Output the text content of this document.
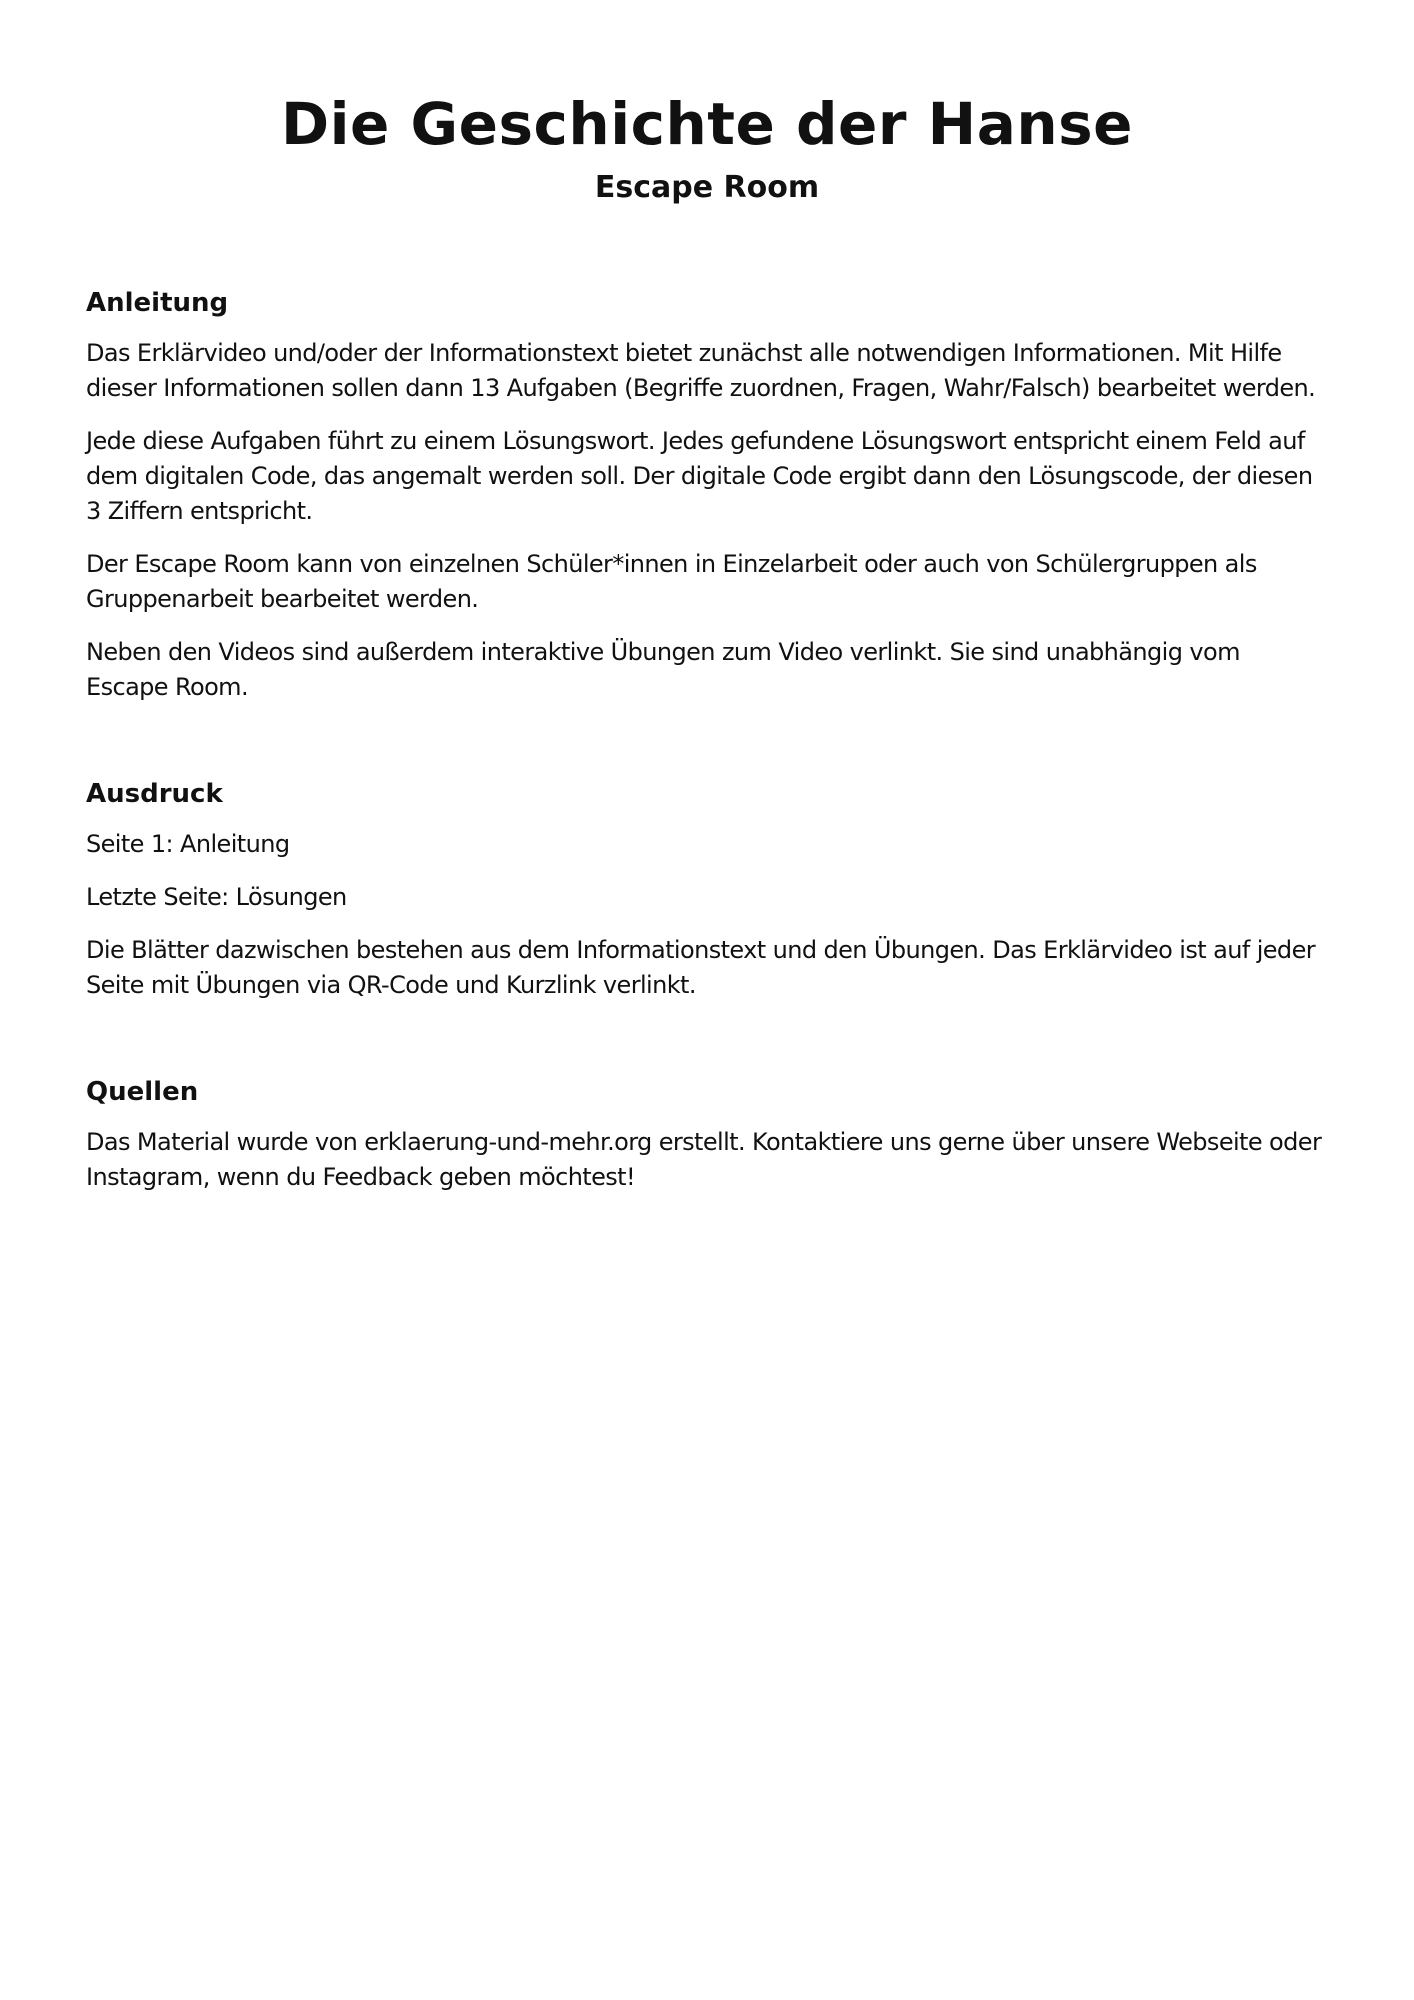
Die Geschichte der Hanse
Escape Room
Anleitung

Das Erklärvideo und/oder der Informationstext bietet zunächst alle notwendigen Informationen. Mit Hilfe dieser Informationen sollen dann 13 Aufgaben (Begriffe zuordnen, Fragen, Wahr/Falsch) bearbeitet werden.

Jede diese Aufgaben führt zu einem Lösungswort. Jedes gefundene Lösungswort entspricht einem Feld auf dem digitalen Code, das angemalt werden soll. Der digitale Code ergibt dann den Lösungscode, der diesen 3 Ziffern entspricht.

Der Escape Room kann von einzelnen Schüler*innen in Einzelarbeit oder auch von Schülergruppen als Gruppenarbeit bearbeitet werden.

Neben den Videos sind außerdem interaktive Übungen zum Video verlinkt. Sie sind unabhängig vom Escape Room.

Ausdruck

Seite 1: Anleitung

Letzte Seite: Lösungen

Die Blätter dazwischen bestehen aus dem Informationstext und den Übungen. Das Erklärvideo ist auf jeder Seite mit Übungen via QR-Code und Kurzlink verlinkt.

Quellen

Das Material wurde von erklaerung-und-mehr.org erstellt. Kontaktiere uns gerne über unsere Webseite oder Instagram, wenn du Feedback geben möchtest!
